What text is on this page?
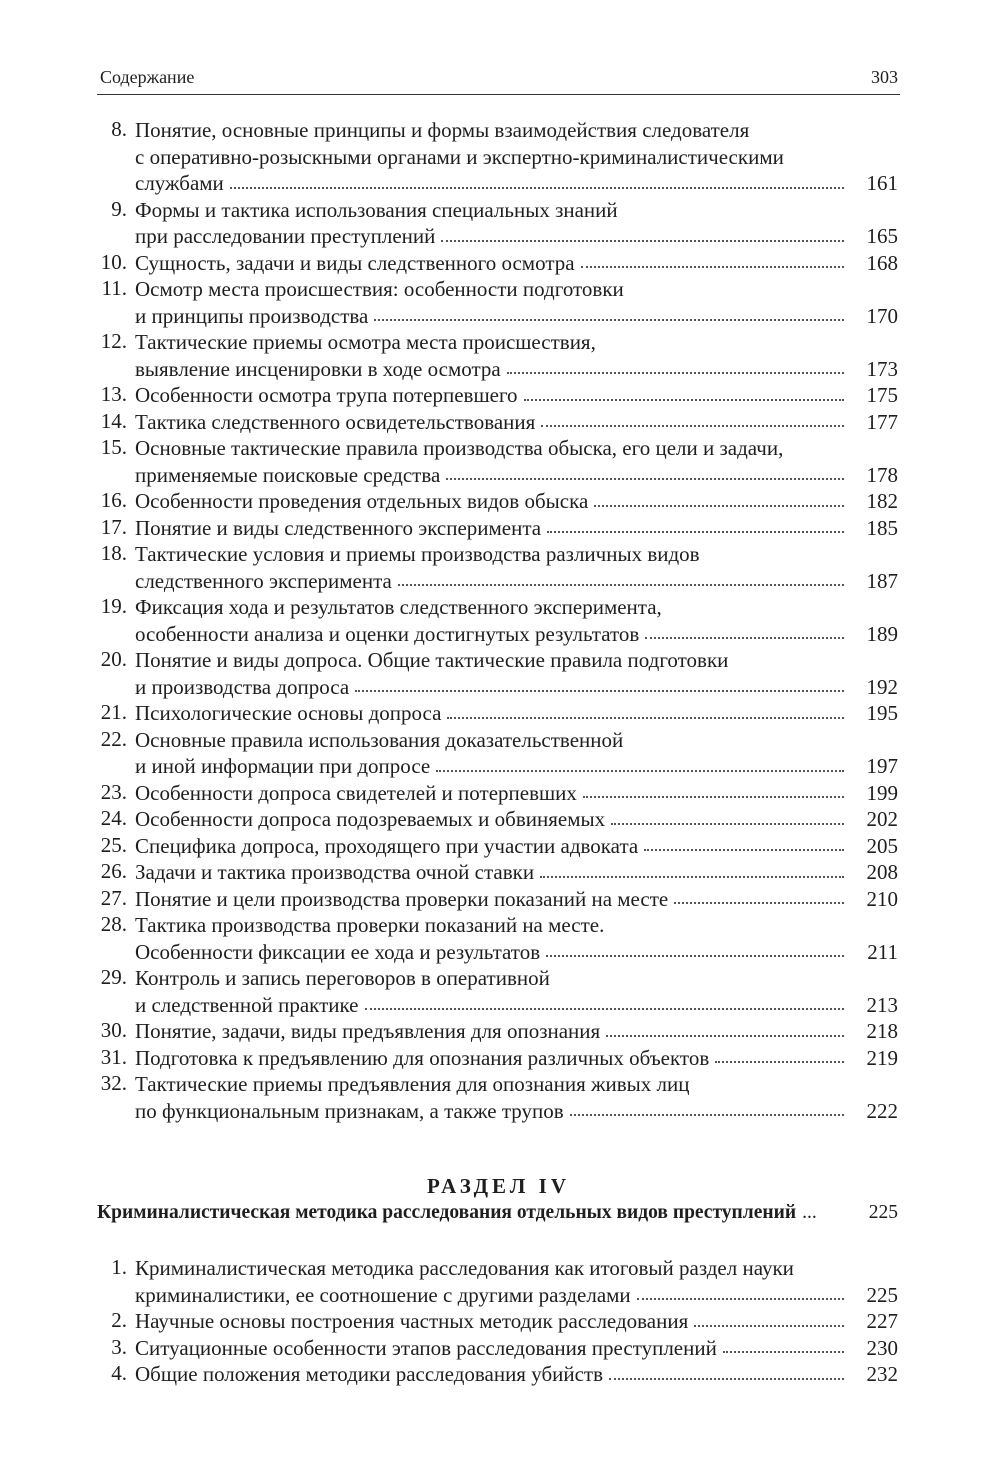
Содержание	303
8. Понятие, основные принципы и формы взаимодействия следователя
с оперативно-розыскными органами и экспертно-криминалистическими
службами	161
9. Формы и тактика использования специальных знаний
при расследовании преступлений	165
10. Сущность, задачи и виды следственного осмотра	168
11. Осмотр места происшествия: особенности подготовки
и принципы производства	170
12. Тактические приемы осмотра места происшествия,
выявление инсценировки в ходе осмотра	173
13. Особенности осмотра трупа потерпевшего	175
14. Тактика следственного освидетельствования	177
15. Основные тактические правила производства обыска, его цели и задачи,
применяемые поисковые средства	178
16. Особенности проведения отдельных видов обыска	182
17. Понятие и виды следственного эксперимента	185
18. Тактические условия и приемы производства различных видов
следственного эксперимента	187
19. Фиксация хода и результатов следственного эксперимента,
особенности анализа и оценки достигнутых результатов	189
20. Понятие и виды допроса. Общие тактические правила подготовки
и производства допроса	192
21. Психологические основы допроса	195
22. Основные правила использования доказательственной
и иной информации при допросе	197
23. Особенности допроса свидетелей и потерпевших	199
24. Особенности допроса подозреваемых и обвиняемых	202
25. Специфика допроса, проходящего при участии адвоката	205
26. Задачи и тактика производства очной ставки	208
27. Понятие и цели производства проверки показаний на месте	210
28. Тактика производства проверки показаний на месте.
Особенности фиксации ее хода и результатов	211
29. Контроль и запись переговоров в оперативной
и следственной практике	213
30. Понятие, задачи, виды предъявления для опознания	218
31. Подготовка к предъявлению для опознания различных объектов	219
32. Тактические приемы предъявления для опознания живых лиц
по функциональным признакам, а также трупов	222
РАЗДЕЛ IV
Криминалистическая методика расследования отдельных видов преступлений ...	225
1. Криминалистическая методика расследования как итоговый раздел науки
криминалистики, ее соотношение с другими разделами	225
2. Научные основы построения частных методик расследования	227
3. Ситуационные особенности этапов расследования преступлений	230
4. Общие положения методики расследования убийств	232
